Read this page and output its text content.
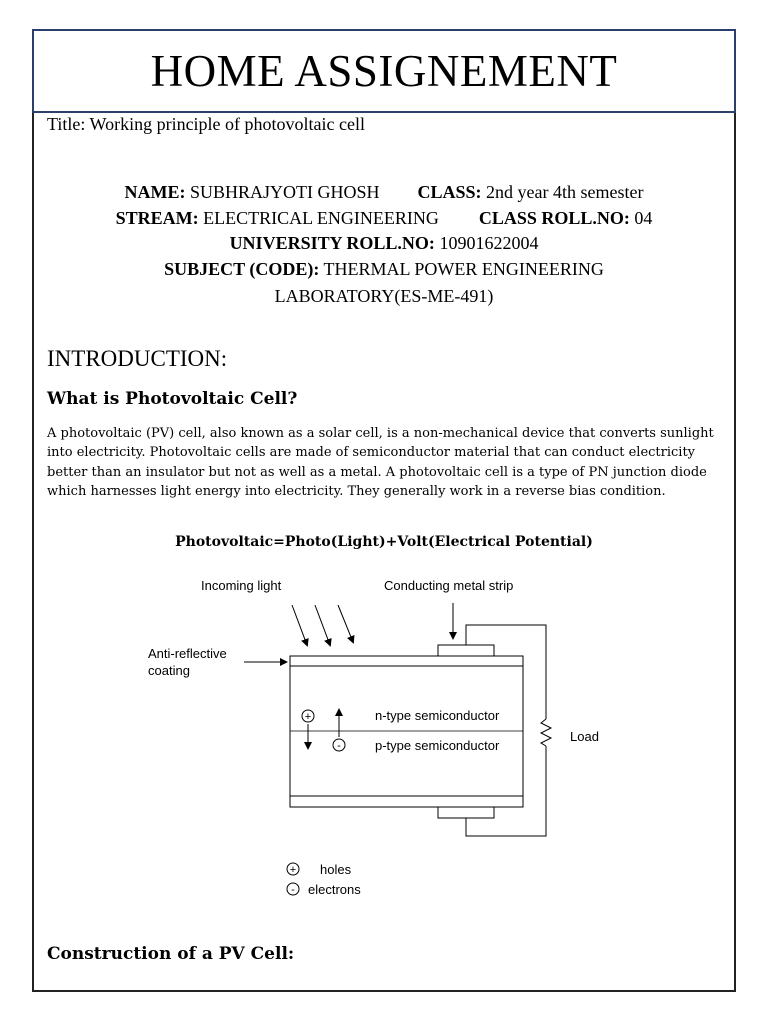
HOME ASSIGNEMENT
Title: Working principle of photovoltaic cell
NAME: SUBHRAJYOTI GHOSH CLASS: 2nd year 4th semester
STREAM: ELECTRICAL ENGINEERING CLASS ROLL.NO: 04
UNIVERSITY ROLL.NO: 10901622004
SUBJECT (CODE): THERMAL POWER ENGINEERING
LABORATORY(ES-ME-491)
INTRODUCTION:
What is Photovoltaic Cell?
A photovoltaic (PV) cell, also known as a solar cell, is a non-mechanical device that converts sunlight into electricity. Photovoltaic cells are made of semiconductor material that can conduct electricity better than an insulator but not as well as a metal. A photovoltaic cell is a type of PN junction diode which harnesses light energy into electricity. They generally work in a reverse bias condition.
Photovoltaic=Photo(Light)+Volt(Electrical Potential)
Incoming light	Conducting metal strip
Anti-reflective
coating
n-type semiconductor
p-type semiconductor
+
-
Load
+ holes
- electrons
Construction of a PV Cell:
